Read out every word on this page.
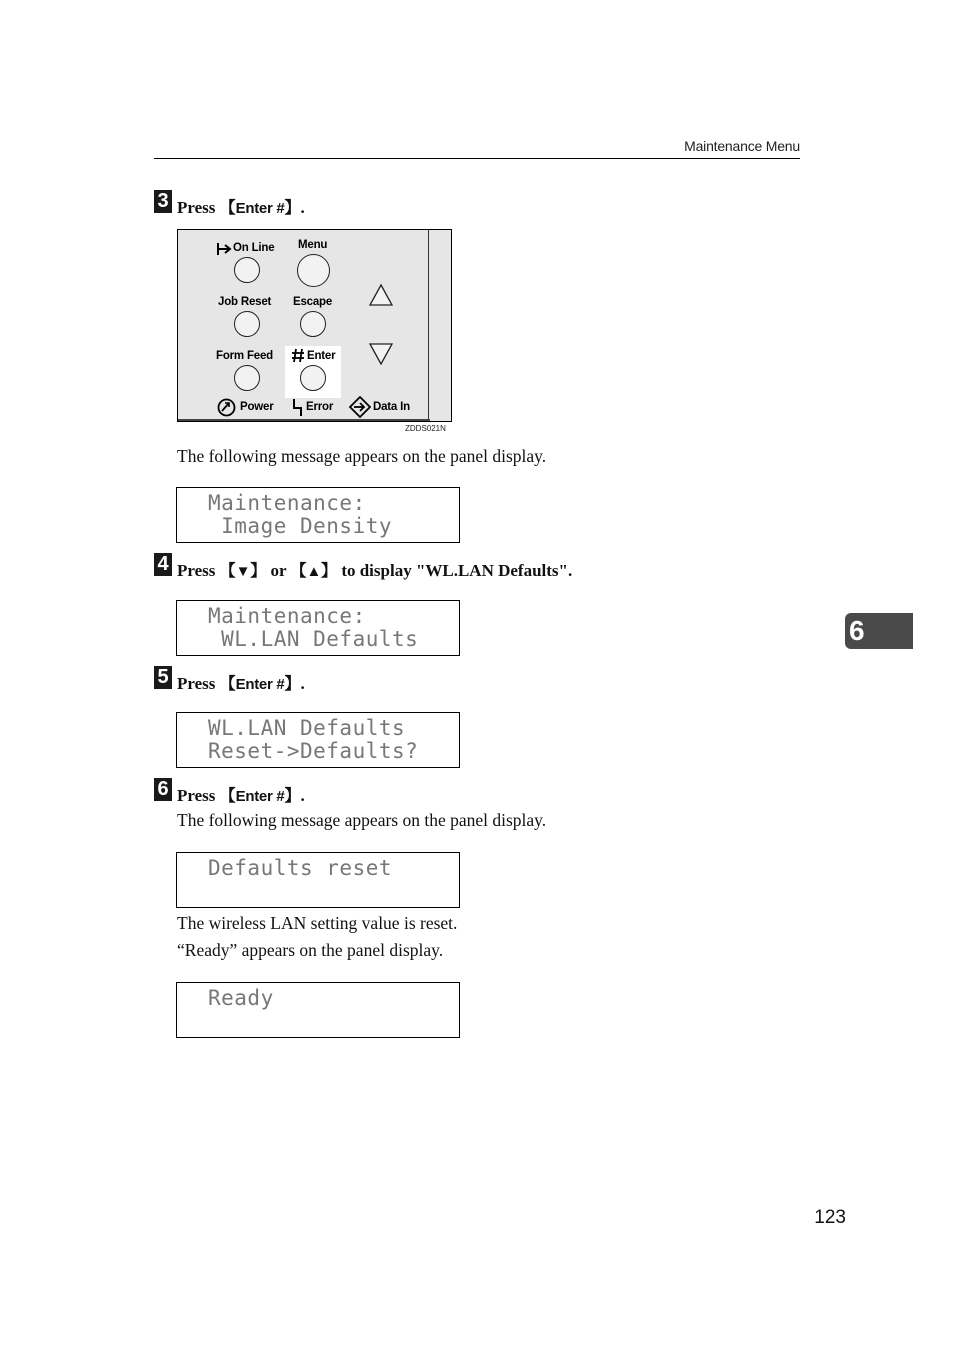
Maintenance Menu
3 Press 【Enter #】.
On Line Menu
Job Reset Escape
Form Feed	Enter
Power	Error	Data In
ZDDS021N
The following message appears on the panel display.
Maintenance:
Image Density
4 Press 【▼】 or 【▲】 to display "WL.LAN Defaults".
Maintenance:
WL.LAN Defaults
5 Press 【Enter #】.
WL.LAN Defaults
Reset->Defaults?
6 Press 【Enter #】.
The following message appears on the panel display.
Defaults reset
The wireless LAN setting value is reset.
“Ready” appears on the panel display.
Ready
6
123
